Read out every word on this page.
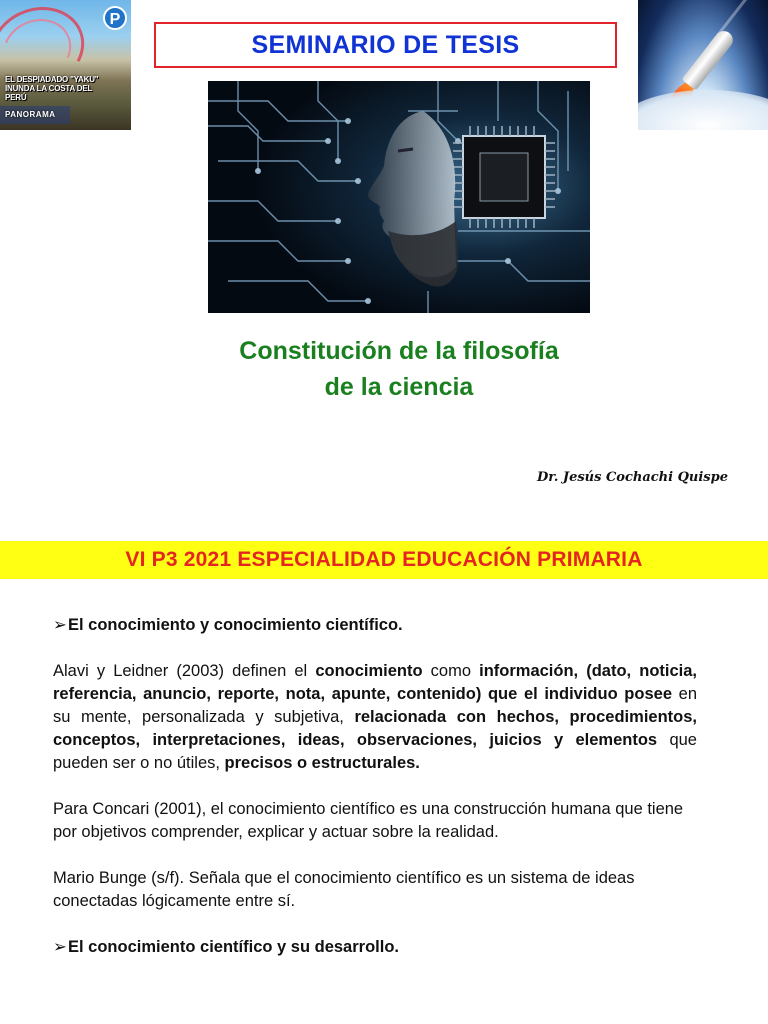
P
EL DESPIADADO "YAKU" INUNDA LA COSTA DEL PERÚ
PANORAMA
SEMINARIO DE TESIS
Constitución de la filosofía
de la ciencia
Dr. Jesús Cochachi Quispe
VI P3 2021 ESPECIALIDAD EDUCACIÓN PRIMARIA
➢El conocimiento y conocimiento científico.

Alavi y Leidner (2003) definen el conocimiento como información, (dato, noticia, referencia, anuncio, reporte, nota, apunte, contenido) que el individuo posee en su mente, personalizada y subjetiva, relacionada con hechos, procedimientos, conceptos, interpretaciones, ideas, observaciones, juicios y elementos que pueden ser o no útiles, precisos o estructurales.

Para Concari (2001), el conocimiento científico es una construcción humana que tiene por objetivos comprender, explicar y actuar sobre la realidad.

Mario Bunge (s/f). Señala que el conocimiento científico es un sistema de ideas conectadas lógicamente entre sí.

➢El conocimiento científico y su desarrollo.
